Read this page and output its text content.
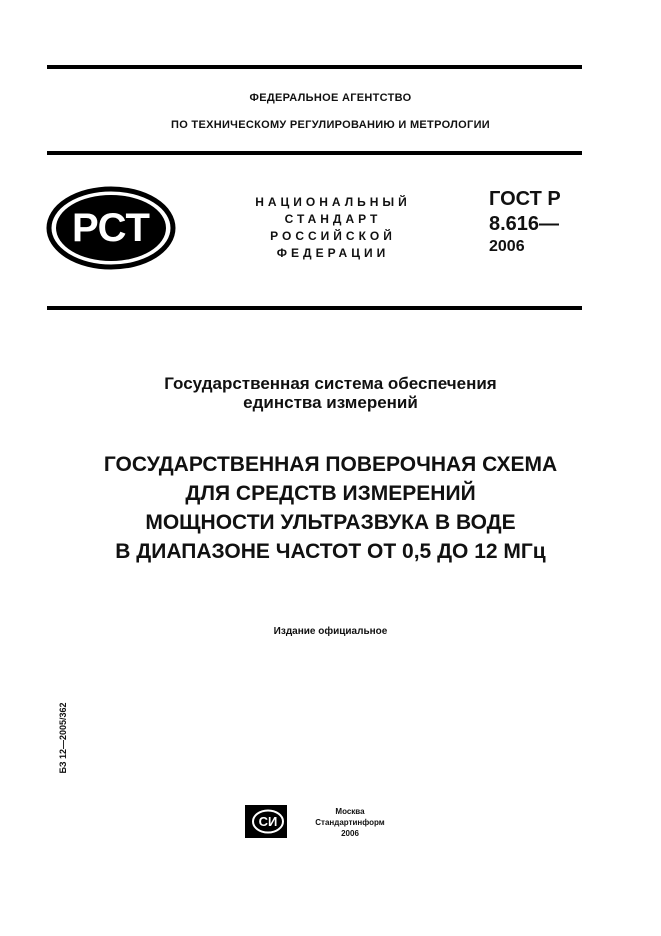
ФЕДЕРАЛЬНОЕ АГЕНТСТВО
ПО ТЕХНИЧЕСКОМУ РЕГУЛИРОВАНИЮ И МЕТРОЛОГИИ
РСТ
НАЦИОНАЛЬНЫЙ
СТАНДАРТ
РОССИЙСКОЙ
ФЕДЕРАЦИИ
ГОСТ Р
8.616—
2006
Государственная система обеспечения
единства измерений
ГОСУДАРСТВЕННАЯ ПОВЕРОЧНАЯ СХЕМА
ДЛЯ СРЕДСТВ ИЗМЕРЕНИЙ
МОЩНОСТИ УЛЬТРАЗВУКА В ВОДЕ
В ДИАПАЗОНЕ ЧАСТОТ ОТ 0,5 ДО 12 МГц
Издание официальное
БЗ 12—2005/362
СИ
Москва
Стандартинформ
2006
